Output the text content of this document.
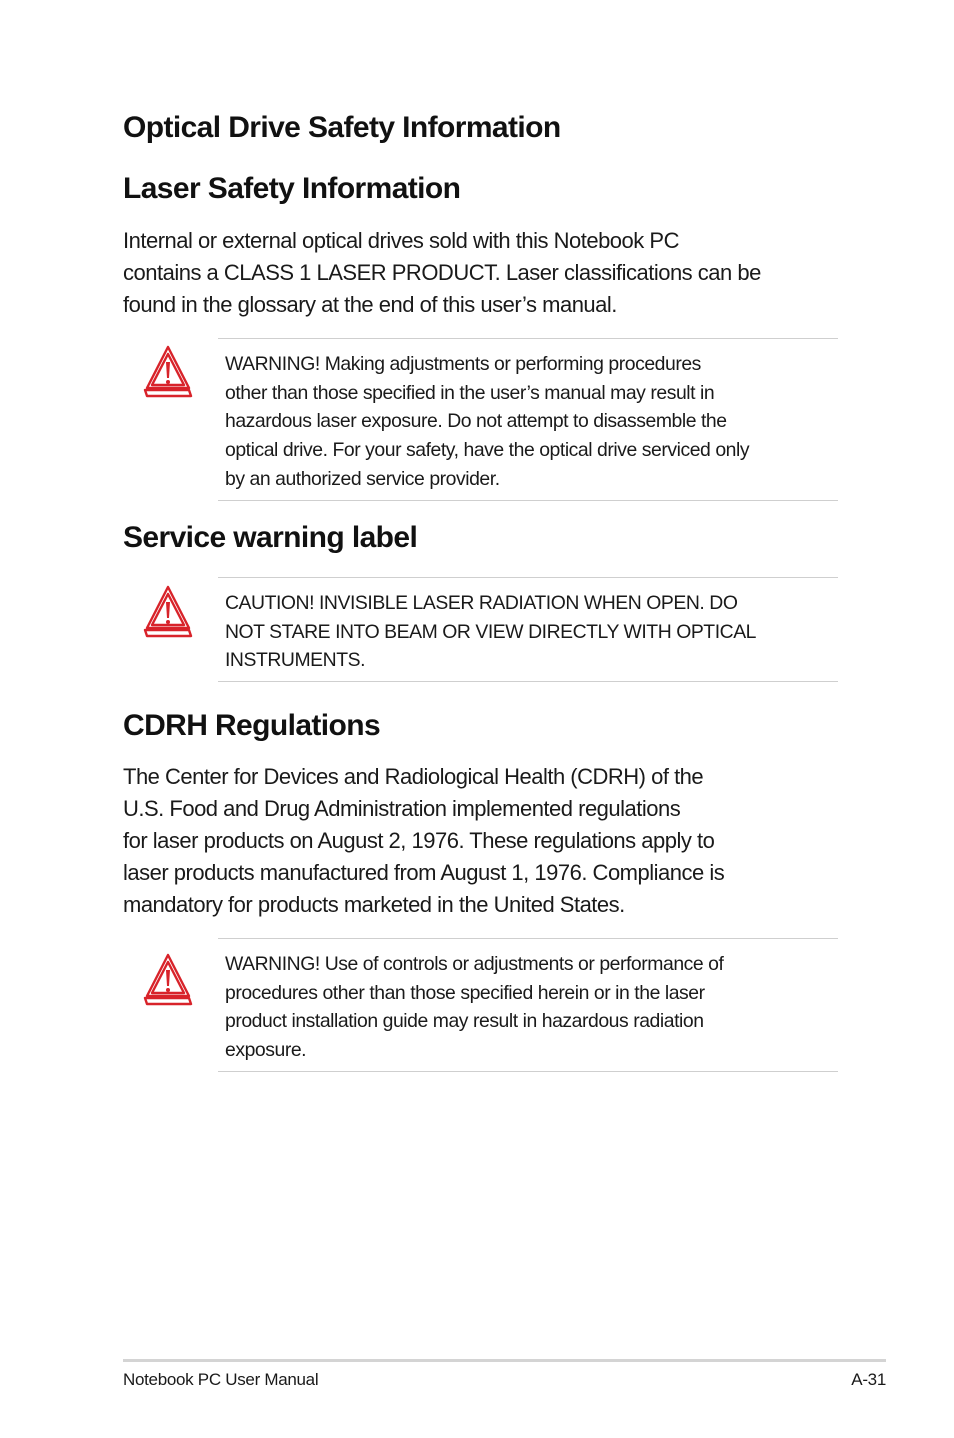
Optical Drive Safety Information
Laser Safety Information
Internal or external optical drives sold with this Notebook PC
contains a CLASS 1 LASER PRODUCT. Laser classifications can be
found in the glossary at the end of this user’s manual.
WARNING! Making adjustments or performing procedures
other than those specified in the user’s manual may result in
hazardous laser exposure. Do not attempt to disassemble the
optical drive. For your safety, have the optical drive serviced only
by an authorized service provider.
Service warning label
CAUTION! INVISIBLE LASER RADIATION WHEN OPEN. DO
NOT STARE INTO BEAM OR VIEW DIRECTLY WITH OPTICAL
INSTRUMENTS.
CDRH Regulations
The Center for Devices and Radiological Health (CDRH) of the
U.S. Food and Drug Administration implemented regulations
for laser products on August 2, 1976. These regulations apply to
laser products manufactured from August 1, 1976. Compliance is
mandatory for products marketed in the United States.
WARNING! Use of controls or adjustments or performance of
procedures other than those specified herein or in the laser
product installation guide may result in hazardous radiation
exposure.
Notebook PC User Manual	A-31
